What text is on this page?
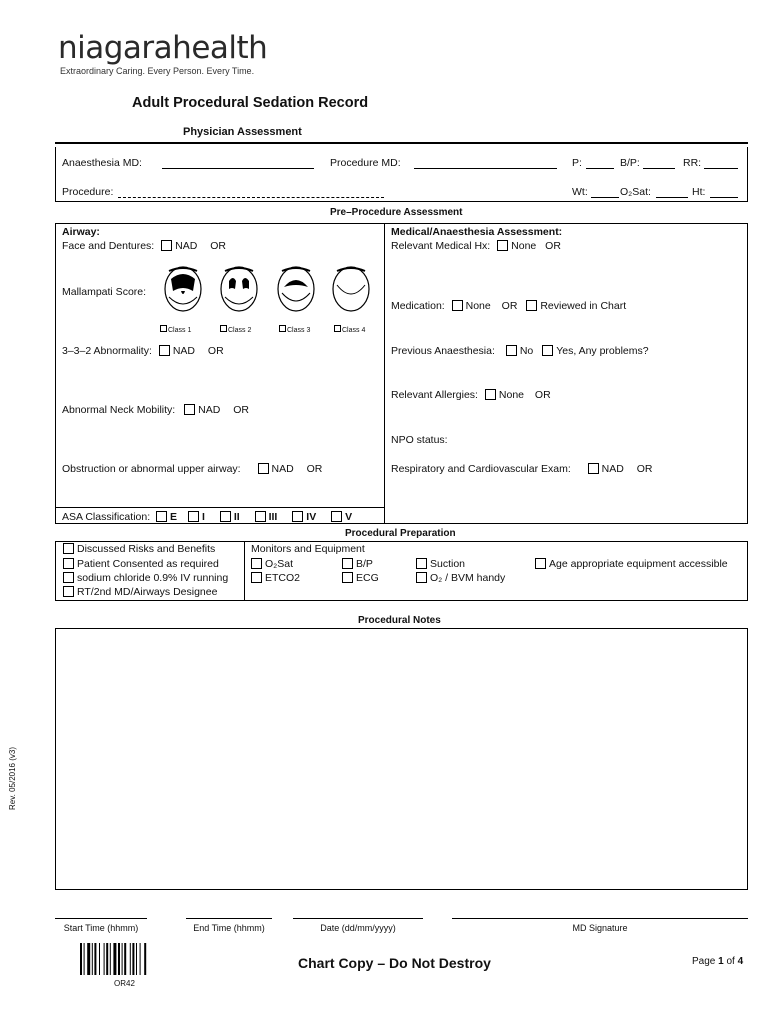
niagarahealth
Extraordinary Caring. Every Person. Every Time.
Adult Procedural Sedation Record
Physician Assessment
Anaesthesia MD:	Procedure MD:	P:	B/P:	RR:
Procedure:	Wt:	O₂Sat:	Ht:
Pre–Procedure Assessment
Airway:
Face and Dentures: NAD OR
Mallampati Score:
Class 1	Class 2	Class 3	Class 4
3–3–2 Abnormality: NAD OR
Abnormal Neck Mobility: NAD OR
Obstruction or abnormal upper airway:	NAD OR
ASA Classification: E I	II	III	IV	V
Medical/Anaesthesia Assessment:
Relevant Medical Hx: None OR
Medication: None OR Reviewed in Chart
Previous Anaesthesia: No Yes, Any problems?
Relevant Allergies: None OR
NPO status:
Respiratory and Cardiovascular Exam:	NAD OR
Procedural Preparation
Discussed Risks and Benefits
Patient Consented as required
sodium chloride 0.9% IV running
RT/2nd MD/Airways Designee
Monitors and Equipment
O₂Sat	B/P	Suction	Age appropriate equipment accessible
ETCO2	ECG	O₂ / BVM handy
Procedural Notes
Rev. 05/2016 (v3)
Start Time (hhmm)	End Time (hhmm)	Date (dd/mm/yyyy)	MD Signature
OR42
Chart Copy – Do Not Destroy	Page 1 of 4
